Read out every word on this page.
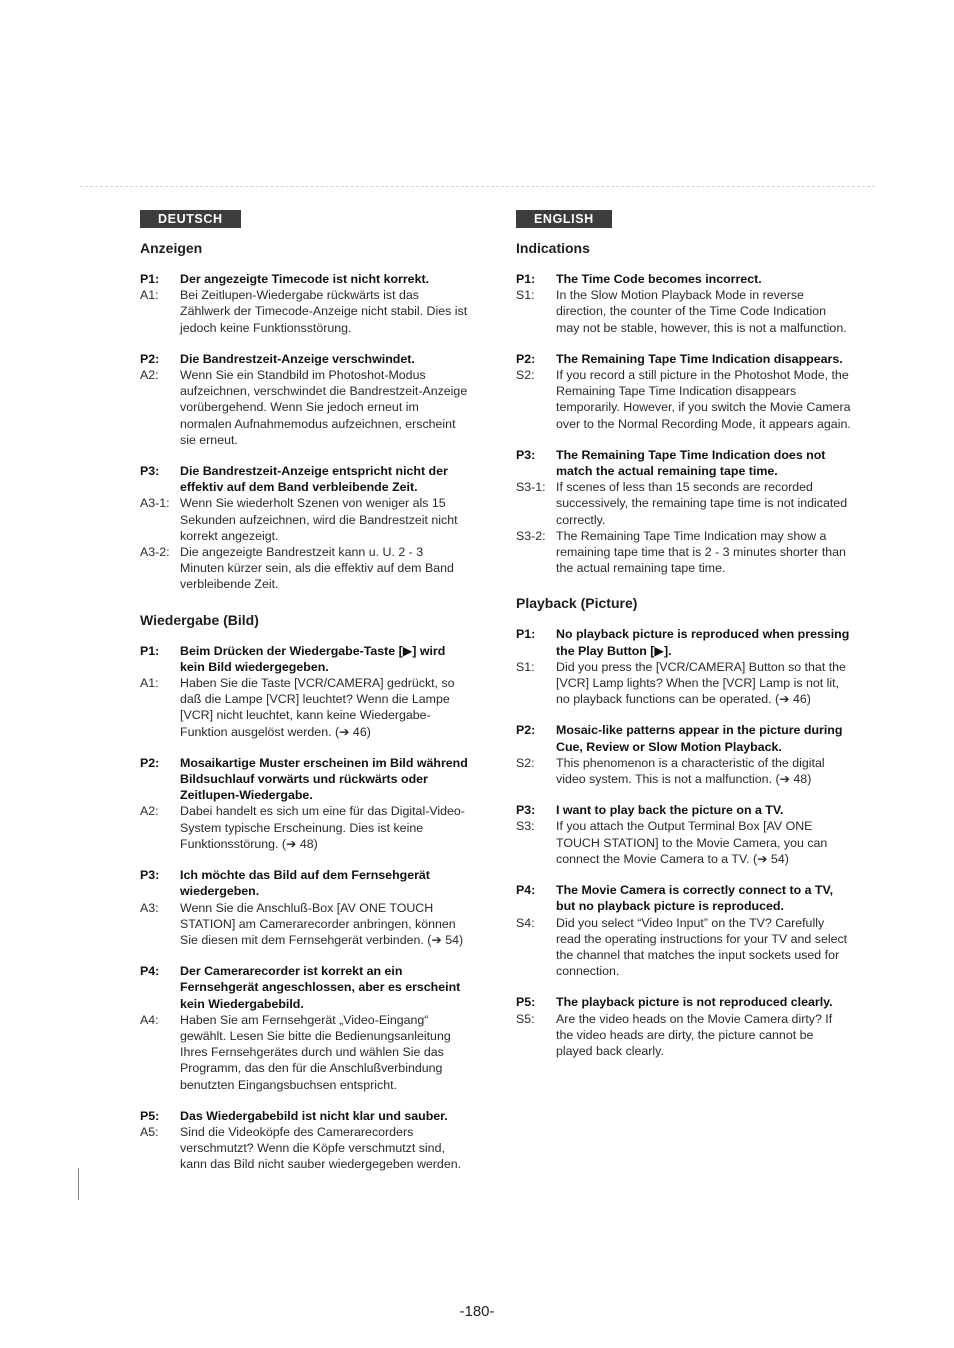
DEUTSCH
Anzeigen
P1:	Der angezeigte Timecode ist nicht korrekt.
A1:	Bei Zeitlupen-Wiedergabe rückwärts ist das Zählwerk der Timecode-Anzeige nicht stabil. Dies ist jedoch keine Funktionsstörung.
P2:	Die Bandrestzeit-Anzeige verschwindet.
A2:	Wenn Sie ein Standbild im Photoshot-Modus aufzeichnen, verschwindet die Bandrestzeit-Anzeige vorübergehend. Wenn Sie jedoch erneut im normalen Aufnahmemodus aufzeichnen, erscheint sie erneut.
P3:	Die Bandrestzeit-Anzeige entspricht nicht der effektiv auf dem Band verbleibende Zeit.
A3-1: Wenn Sie wiederholt Szenen von weniger als 15 Sekunden aufzeichnen, wird die Bandrestzeit nicht korrekt angezeigt.
A3-2: Die angezeigte Bandrestzeit kann u. U. 2 - 3 Minuten kürzer sein, als die effektiv auf dem Band verbleibende Zeit.
Wiedergabe (Bild)
P1:	Beim Drücken der Wiedergabe-Taste [▶] wird kein Bild wiedergegeben.
A1:	Haben Sie die Taste [VCR/CAMERA] gedrückt, so daß die Lampe [VCR] leuchtet? Wenn die Lampe [VCR] nicht leuchtet, kann keine Wiedergabe-Funktion ausgelöst werden. (➔ 46)
P2:	Mosaikartige Muster erscheinen im Bild während Bildsuchlauf vorwärts und rückwärts oder Zeitlupen-Wiedergabe.
A2:	Dabei handelt es sich um eine für das Digital-Video-System typische Erscheinung. Dies ist keine Funktionsstörung. (➔ 48)
P3:	Ich möchte das Bild auf dem Fernsehgerät wiedergeben.
A3:	Wenn Sie die Anschluß-Box [AV ONE TOUCH STATION] am Camerarecorder anbringen, können Sie diesen mit dem Fernsehgerät verbinden. (➔ 54)
P4:	Der Camerarecorder ist korrekt an ein Fernsehgerät angeschlossen, aber es erscheint kein Wiedergabebild.
A4:	Haben Sie am Fernsehgerät „Video-Eingang“ gewählt. Lesen Sie bitte die Bedienungsanleitung Ihres Fernsehgerätes durch und wählen Sie das Programm, das den für die Anschlußverbindung benutzten Eingangsbuchsen entspricht.
P5:	Das Wiedergabebild ist nicht klar und sauber.
A5:	Sind die Videoköpfe des Camerarecorders verschmutzt? Wenn die Köpfe verschmutzt sind, kann das Bild nicht sauber wiedergegeben werden.
ENGLISH
Indications
P1:	The Time Code becomes incorrect.
S1:	In the Slow Motion Playback Mode in reverse direction, the counter of the Time Code Indication may not be stable, however, this is not a malfunction.
P2:	The Remaining Tape Time Indication disappears.
S2:	If you record a still picture in the Photoshot Mode, the Remaining Tape Time Indication disappears temporarily. However, if you switch the Movie Camera over to the Normal Recording Mode, it appears again.
P3:	The Remaining Tape Time Indication does not match the actual remaining tape time.
S3-1: If scenes of less than 15 seconds are recorded successively, the remaining tape time is not indicated correctly.
S3-2: The Remaining Tape Time Indication may show a remaining tape time that is 2 - 3 minutes shorter than the actual remaining tape time.
Playback (Picture)
P1:	No playback picture is reproduced when pressing the Play Button [▶].
S1:	Did you press the [VCR/CAMERA] Button so that the [VCR] Lamp lights? When the [VCR] Lamp is not lit, no playback functions can be operated. (➔ 46)
P2:	Mosaic-like patterns appear in the picture during Cue, Review or Slow Motion Playback.
S2:	This phenomenon is a characteristic of the digital video system. This is not a malfunction. (➔ 48)
P3:	I want to play back the picture on a TV.
S3:	If you attach the Output Terminal Box [AV ONE TOUCH STATION] to the Movie Camera, you can connect the Movie Camera to a TV. (➔ 54)
P4:	The Movie Camera is correctly connect to a TV, but no playback picture is reproduced.
S4:	Did you select “Video Input” on the TV? Carefully read the operating instructions for your TV and select the channel that matches the input sockets used for connection.
P5:	The playback picture is not reproduced clearly.
S5:	Are the video heads on the Movie Camera dirty? If the video heads are dirty, the picture cannot be played back clearly.
-180-
